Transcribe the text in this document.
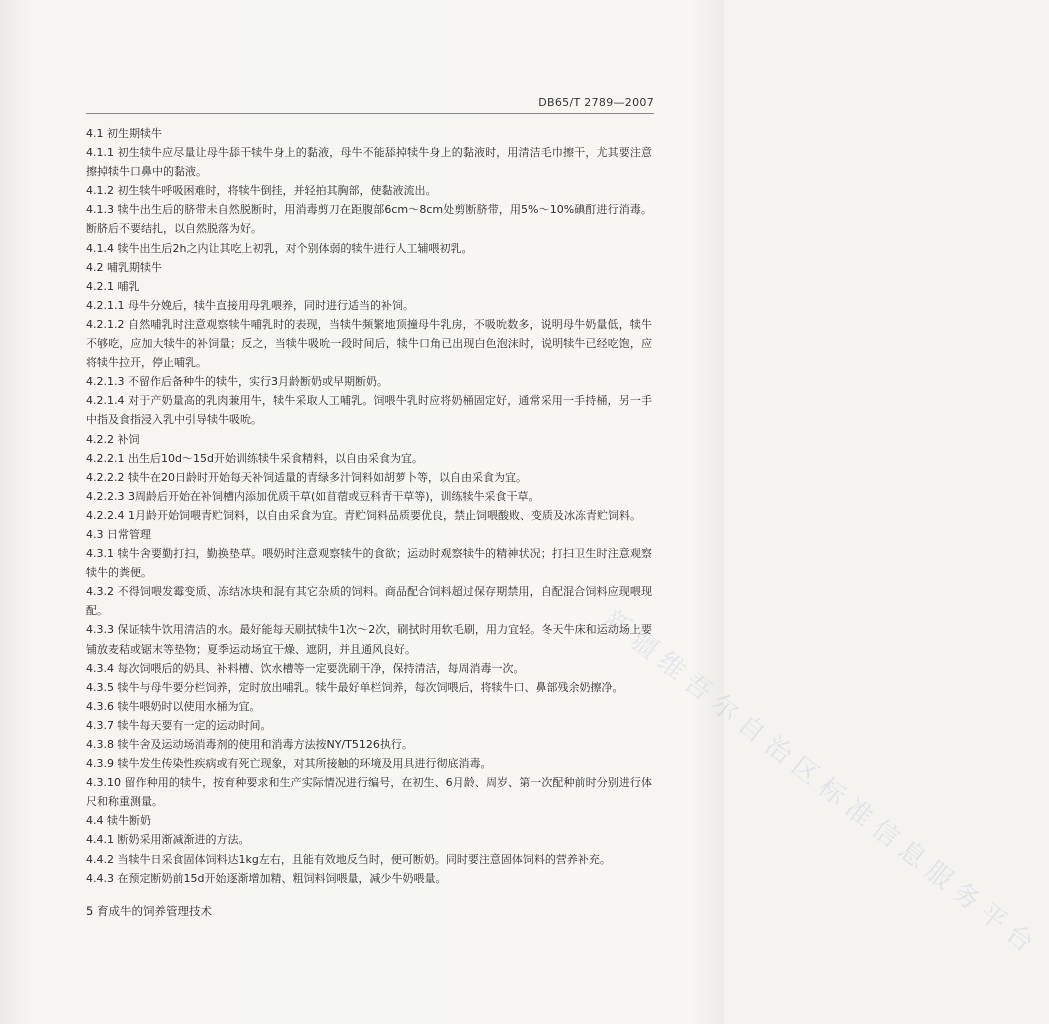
DB65/T 2789—2007

4.1 初生期犊牛

4.1.1 初生犊牛应尽量让母牛舔干犊牛身上的黏液，母牛不能舔掉犊牛身上的黏液时，用清洁毛巾擦干，尤其要注意擦掉犊牛口鼻中的黏液。

4.1.2 初生犊牛呼吸困难时，将犊牛倒挂，并轻拍其胸部，使黏液流出。

4.1.3 犊牛出生后的脐带未自然脱断时，用消毒剪刀在距腹部6cm～8cm处剪断脐带，用5%～10%碘酊进行消毒。断脐后不要结扎，以自然脱落为好。

4.1.4 犊牛出生后2h之内让其吃上初乳，对个别体弱的犊牛进行人工辅喂初乳。

4.2 哺乳期犊牛

4.2.1 哺乳

4.2.1.1 母牛分娩后，犊牛直接用母乳喂养，同时进行适当的补饲。

4.2.1.2 自然哺乳时注意观察犊牛哺乳时的表现，当犊牛频繁地顶撞母牛乳房，不吸吮数多，说明母牛奶量低，犊牛不够吃，应加大犊牛的补饲量；反之，当犊牛吸吮一段时间后，犊牛口角已出现白色泡沫时，说明犊牛已经吃饱，应将犊牛拉开，停止哺乳。

4.2.1.3 不留作后备种牛的犊牛，实行3月龄断奶或早期断奶。

4.2.1.4 对于产奶量高的乳肉兼用牛，犊牛采取人工哺乳。饲喂牛乳时应将奶桶固定好，通常采用一手持桶，另一手中指及食指浸入乳中引导犊牛吸吮。

4.2.2 补饲

4.2.2.1 出生后10d～15d开始训练犊牛采食精料，以自由采食为宜。

4.2.2.2 犊牛在20日龄时开始每天补饲适量的青绿多汁饲料如胡萝卜等，以自由采食为宜。

4.2.2.3 3周龄后开始在补饲槽内添加优质干草(如苜蓿或豆科青干草等)，训练犊牛采食干草。

4.2.2.4 1月龄开始饲喂青贮饲料，以自由采食为宜。青贮饲料品质要优良，禁止饲喂酸败、变质及冰冻青贮饲料。

4.3 日常管理

4.3.1 犊牛舍要勤打扫，勤换垫草。喂奶时注意观察犊牛的食欲；运动时观察犊牛的精神状况；打扫卫生时注意观察犊牛的粪便。

4.3.2 不得饲喂发霉变质、冻结冰块和混有其它杂质的饲料。商品配合饲料超过保存期禁用，自配混合饲料应现喂现配。

4.3.3 保证犊牛饮用清洁的水。最好能每天刷拭犊牛1次～2次，刷拭时用软毛刷，用力宜轻。冬天牛床和运动场上要铺放麦秸或锯末等垫物；夏季运动场宜干燥、遮阴，并且通风良好。

4.3.4 每次饲喂后的奶具、补料槽、饮水槽等一定要洗刷干净，保持清洁，每周消毒一次。

4.3.5 犊牛与母牛要分栏饲养，定时放出哺乳。犊牛最好单栏饲养，每次饲喂后，将犊牛口、鼻部残余奶擦净。

4.3.6 犊牛喂奶时以使用水桶为宜。

4.3.7 犊牛每天要有一定的运动时间。

4.3.8 犊牛舍及运动场消毒剂的使用和消毒方法按NY/T5126执行。

4.3.9 犊牛发生传染性疾病或有死亡现象，对其所接触的环境及用具进行彻底消毒。

4.3.10 留作种用的犊牛，按育种要求和生产实际情况进行编号，在初生、6月龄、周岁、第一次配种前时分别进行体尺和称重测量。

4.4 犊牛断奶

4.4.1 断奶采用渐减渐进的方法。

4.4.2 当犊牛日采食固体饲料达1kg左右，且能有效地反刍时，便可断奶。同时要注意固体饲料的营养补充。

4.4.3 在预定断奶前15d开始逐渐增加精、粗饲料饲喂量，减少牛奶喂量。

5 育成牛的饲养管理技术	新疆维吾尔自治区标准信息服务平台
